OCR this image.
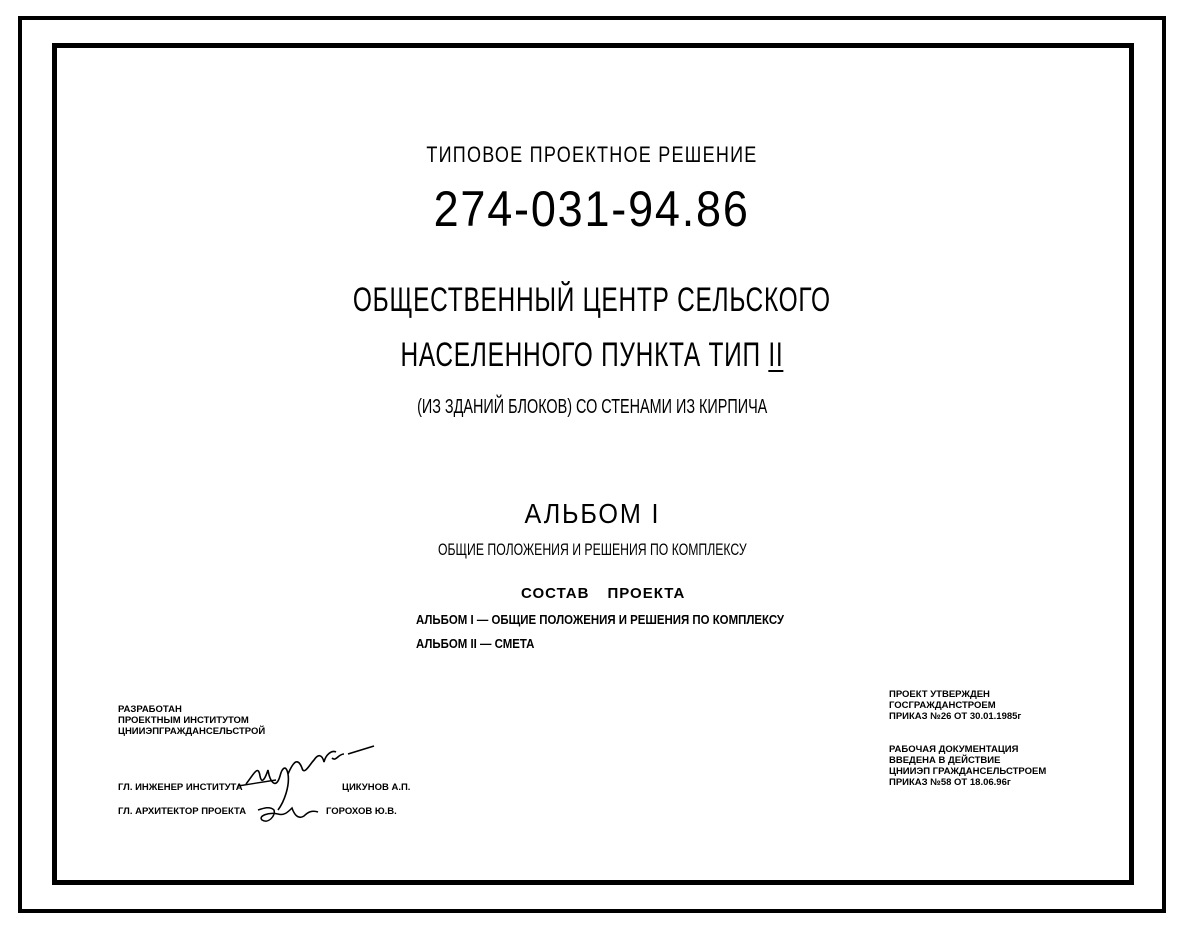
ТИПОВОЕ ПРОЕКТНОЕ РЕШЕНИЕ
274-031-94.86
ОБЩЕСТВЕННЫЙ ЦЕНТР СЕЛЬСКОГО
НАСЕЛЕННОГО ПУНКТА ТИП II
(ИЗ ЗДАНИЙ БЛОКОВ) СО СТЕНАМИ ИЗ КИРПИЧА
АЛЬБОМ I
ОБЩИЕ ПОЛОЖЕНИЯ И РЕШЕНИЯ ПО КОМПЛЕКСУ
СОСТАВ ПРОЕКТА
АЛЬБОМ I — ОБЩИЕ ПОЛОЖЕНИЯ И РЕШЕНИЯ ПО КОМПЛЕКСУ
АЛЬБОМ II — СМЕТА
РАЗРАБОТАН
ПРОЕКТНЫМ ИНСТИТУТОМ
ЦНИИЭПГРАЖДАНСЕЛЬСТРОЙ
ГЛ. ИНЖЕНЕР ИНСТИТУТА	ЦИКУНОВ А.П.
ГЛ. АРХИТЕКТОР ПРОЕКТА	ГОРОХОВ Ю.В.
ПРОЕКТ УТВЕРЖДЕН
ГОСГРАЖДАНСТРОЕМ
ПРИКАЗ №26 ОТ 30.01.1985г
РАБОЧАЯ ДОКУМЕНТАЦИЯ
ВВЕДЕНА В ДЕЙСТВИЕ
ЦНИИЭП ГРАЖДАНСЕЛЬСТРОЕМ
ПРИКАЗ №58 ОТ 18.06.96г
